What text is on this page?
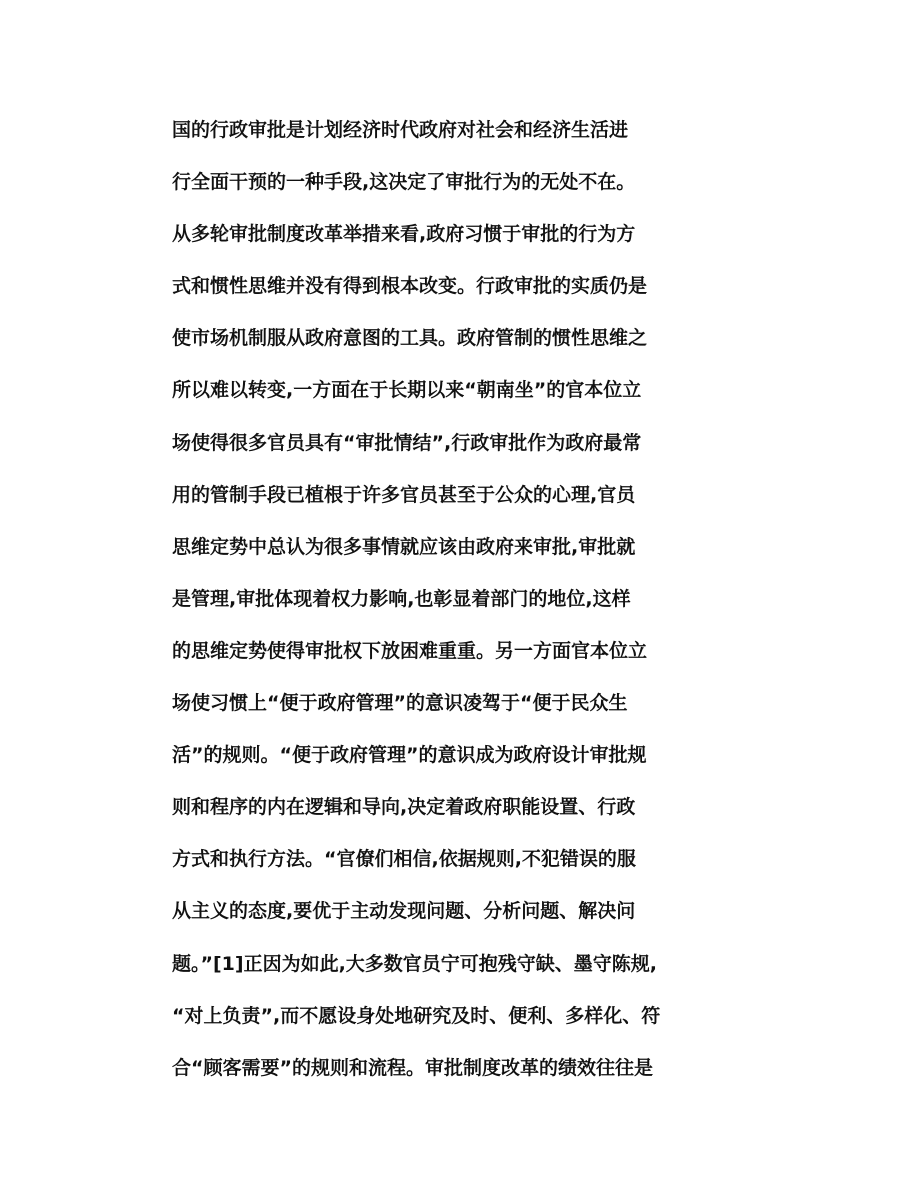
国的行政审批是计划经济时代政府对社会和经济生活进
行全面干预的一种手段,这决定了审批行为的无处不在。
从多轮审批制度改革举措来看,政府习惯于审批的行为方
式和惯性思维并没有得到根本改变。行政审批的实质仍是
使市场机制服从政府意图的工具。政府管制的惯性思维之
所以难以转变,一方面在于长期以来“朝南坐”的官本位立
场使得很多官员具有“审批情结”,行政审批作为政府最常
用的管制手段已植根于许多官员甚至于公众的心理,官员
思维定势中总认为很多事情就应该由政府来审批,审批就
是管理,审批体现着权力影响,也彰显着部门的地位,这样
的思维定势使得审批权下放困难重重。另一方面官本位立
场使习惯上“便于政府管理”的意识凌驾于“便于民众生
活”的规则。“便于政府管理”的意识成为政府设计审批规
则和程序的内在逻辑和导向,决定着政府职能设置、行政
方式和执行方法。“官僚们相信,依据规则,不犯错误的服
从主义的态度,要优于主动发现问题、分析问题、解决问
题。”[1]正因为如此,大多数官员宁可抱残守缺、墨守陈规,
“对上负责”,而不愿设身处地研究及时、便利、多样化、符
合“顾客需要”的规则和流程。审批制度改革的绩效往往是
